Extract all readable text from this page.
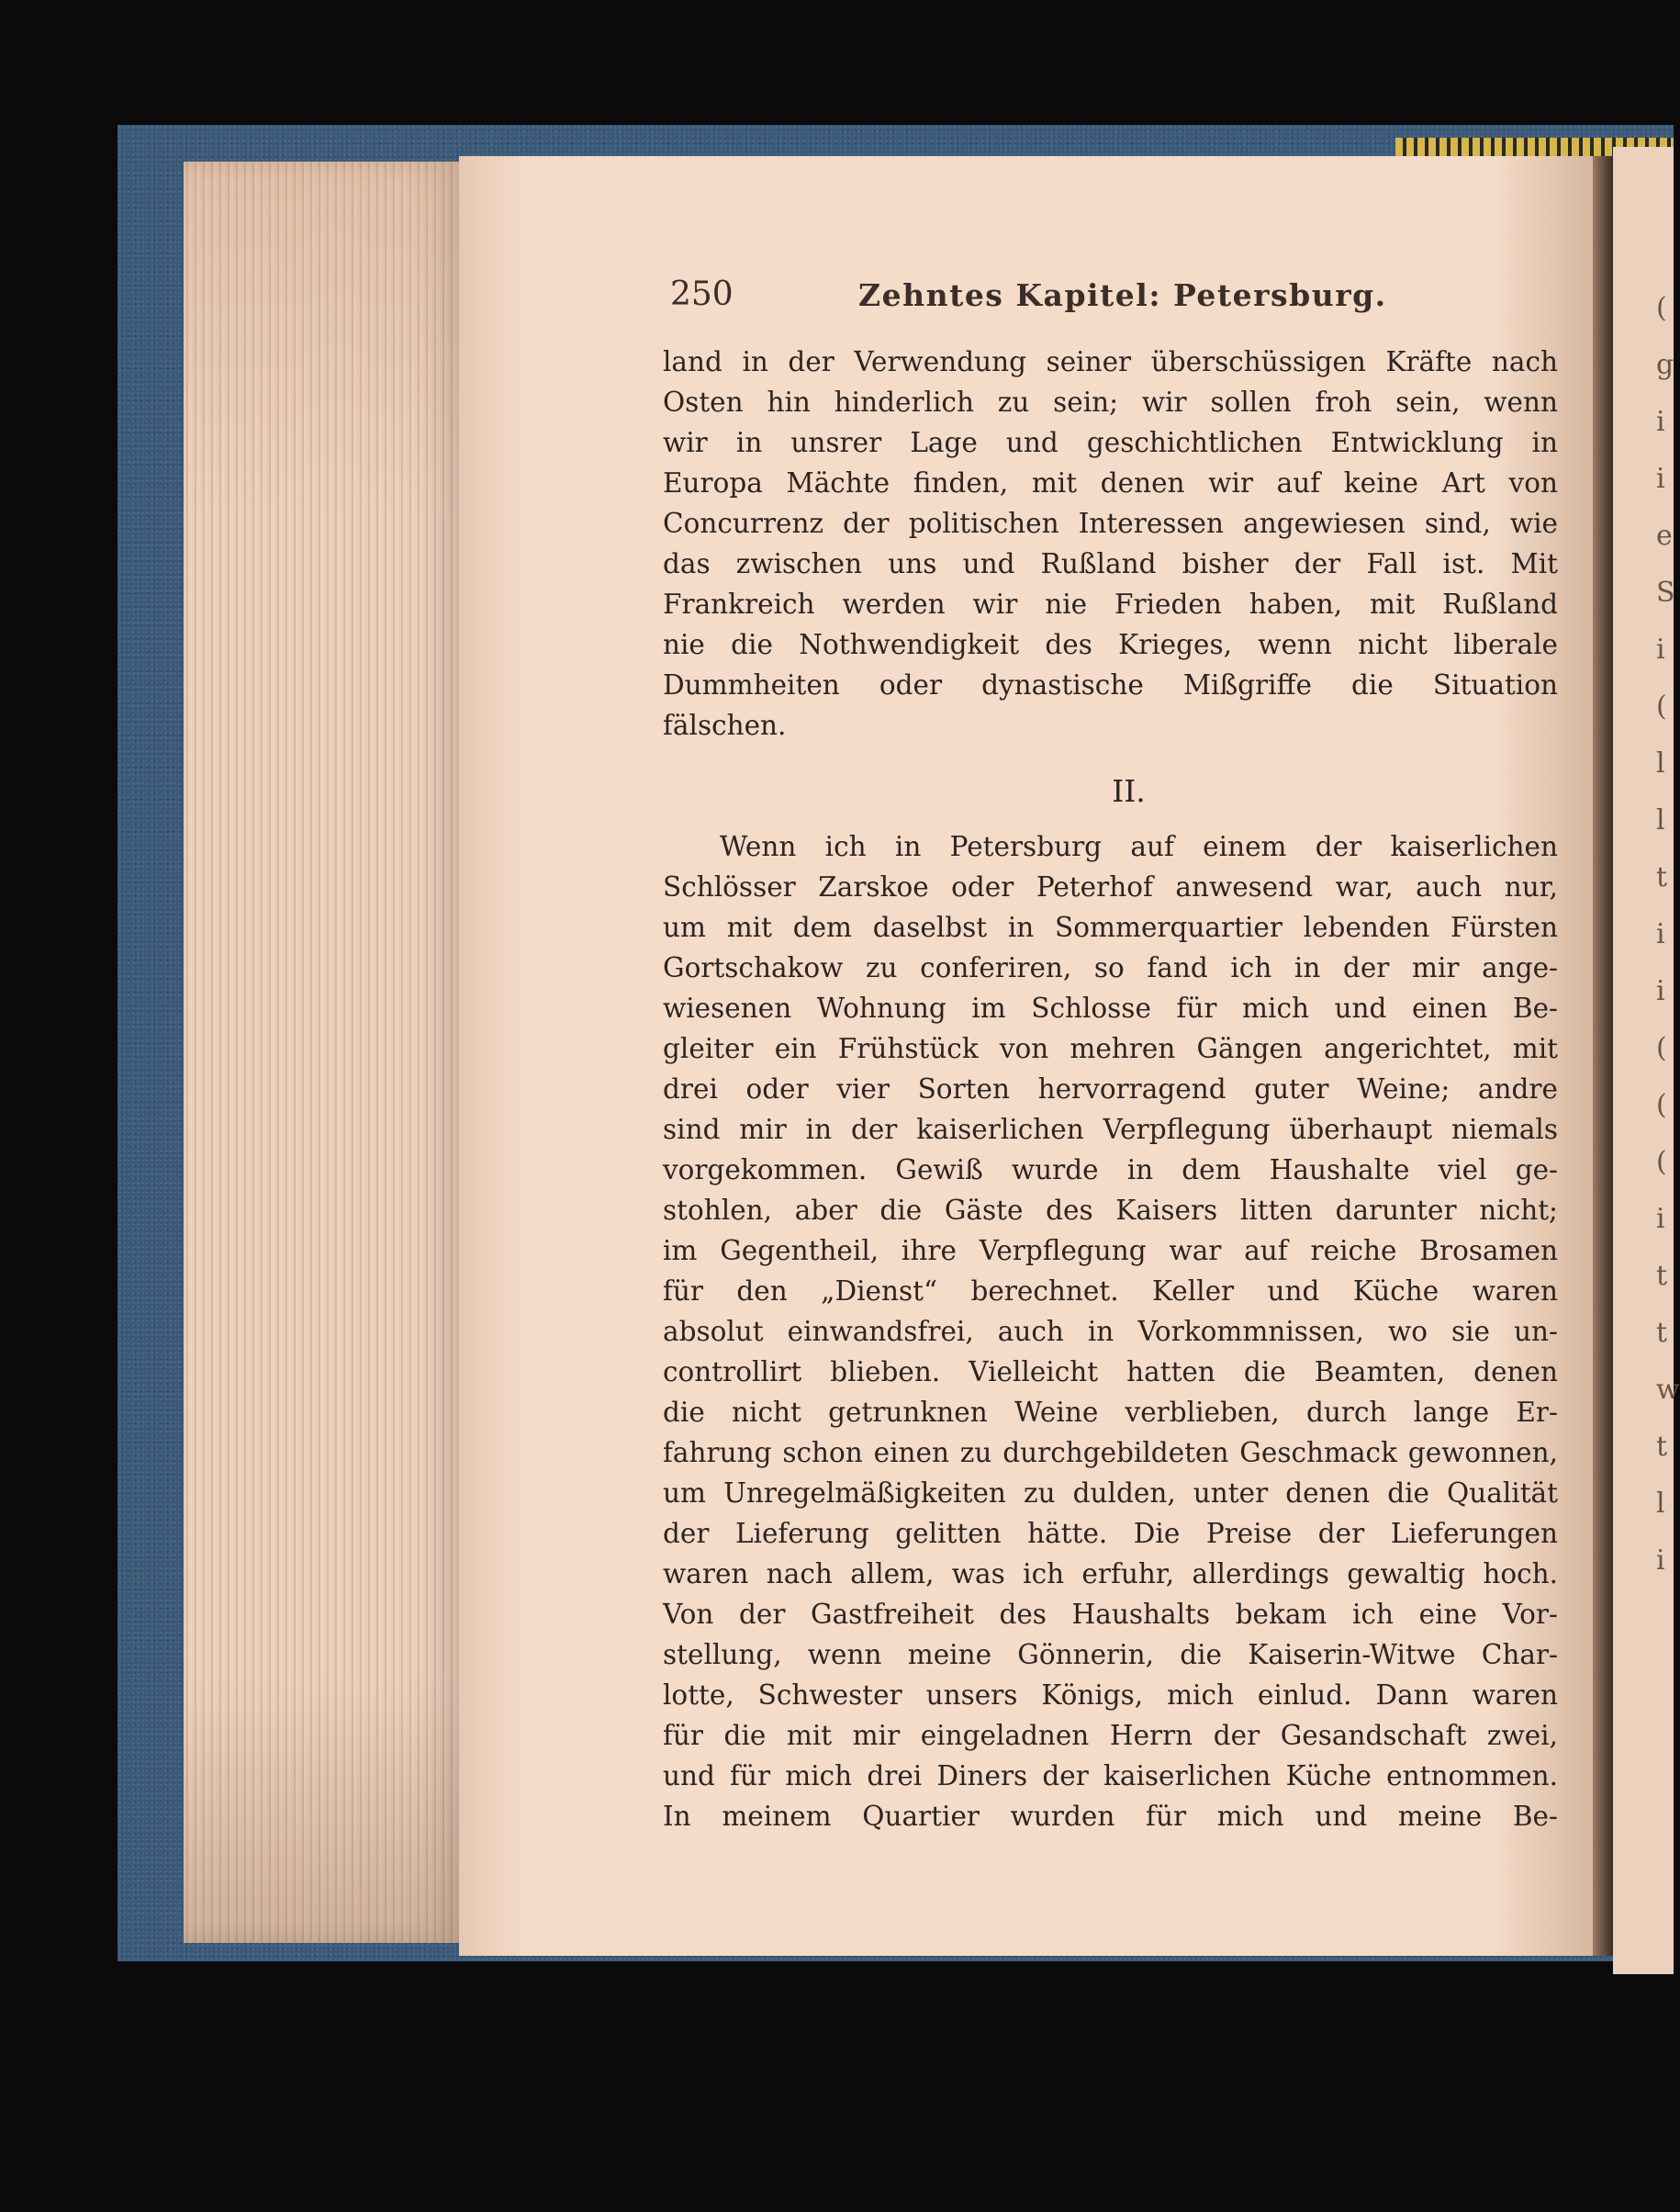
(
g
i
i
e
S
i
(
l
l
t
i
i
(
(
(
i
t
t
w
t
l
i
250	Zehntes Kapitel: Petersburg.
land in der Verwendung seiner überschüssigen Kräfte nach
Osten hin hinderlich zu sein; wir sollen froh sein, wenn
wir in unsrer Lage und geschichtlichen Entwicklung in
Europa Mächte finden, mit denen wir auf keine Art von
Concurrenz der politischen Interessen angewiesen sind, wie
das zwischen uns und Rußland bisher der Fall ist. Mit
Frankreich werden wir nie Frieden haben, mit Rußland
nie die Nothwendigkeit des Krieges, wenn nicht liberale
Dummheiten oder dynastische Mißgriffe die Situation
fälschen.
II.
Wenn ich in Petersburg auf einem der kaiserlichen
Schlösser Zarskoe oder Peterhof anwesend war, auch nur,
um mit dem daselbst in Sommerquartier lebenden Fürsten
Gortschakow zu conferiren, so fand ich in der mir ange-
wiesenen Wohnung im Schlosse für mich und einen Be-
gleiter ein Frühstück von mehren Gängen angerichtet, mit
drei oder vier Sorten hervorragend guter Weine; andre
sind mir in der kaiserlichen Verpflegung überhaupt niemals
vorgekommen. Gewiß wurde in dem Haushalte viel ge-
stohlen, aber die Gäste des Kaisers litten darunter nicht;
im Gegentheil, ihre Verpflegung war auf reiche Brosamen
für den „Dienst“ berechnet. Keller und Küche waren
absolut einwandsfrei, auch in Vorkommnissen, wo sie un-
controllirt blieben. Vielleicht hatten die Beamten, denen
die nicht getrunknen Weine verblieben, durch lange Er-
fahrung schon einen zu durchgebildeten Geschmack gewonnen,
um Unregelmäßigkeiten zu dulden, unter denen die Qualität
der Lieferung gelitten hätte. Die Preise der Lieferungen
waren nach allem, was ich erfuhr, allerdings gewaltig hoch.
Von der Gastfreiheit des Haushalts bekam ich eine Vor-
stellung, wenn meine Gönnerin, die Kaiserin-Witwe Char-
lotte, Schwester unsers Königs, mich einlud. Dann waren
für die mit mir eingeladnen Herrn der Gesandschaft zwei,
und für mich drei Diners der kaiserlichen Küche entnommen.
In meinem Quartier wurden für mich und meine Be-
